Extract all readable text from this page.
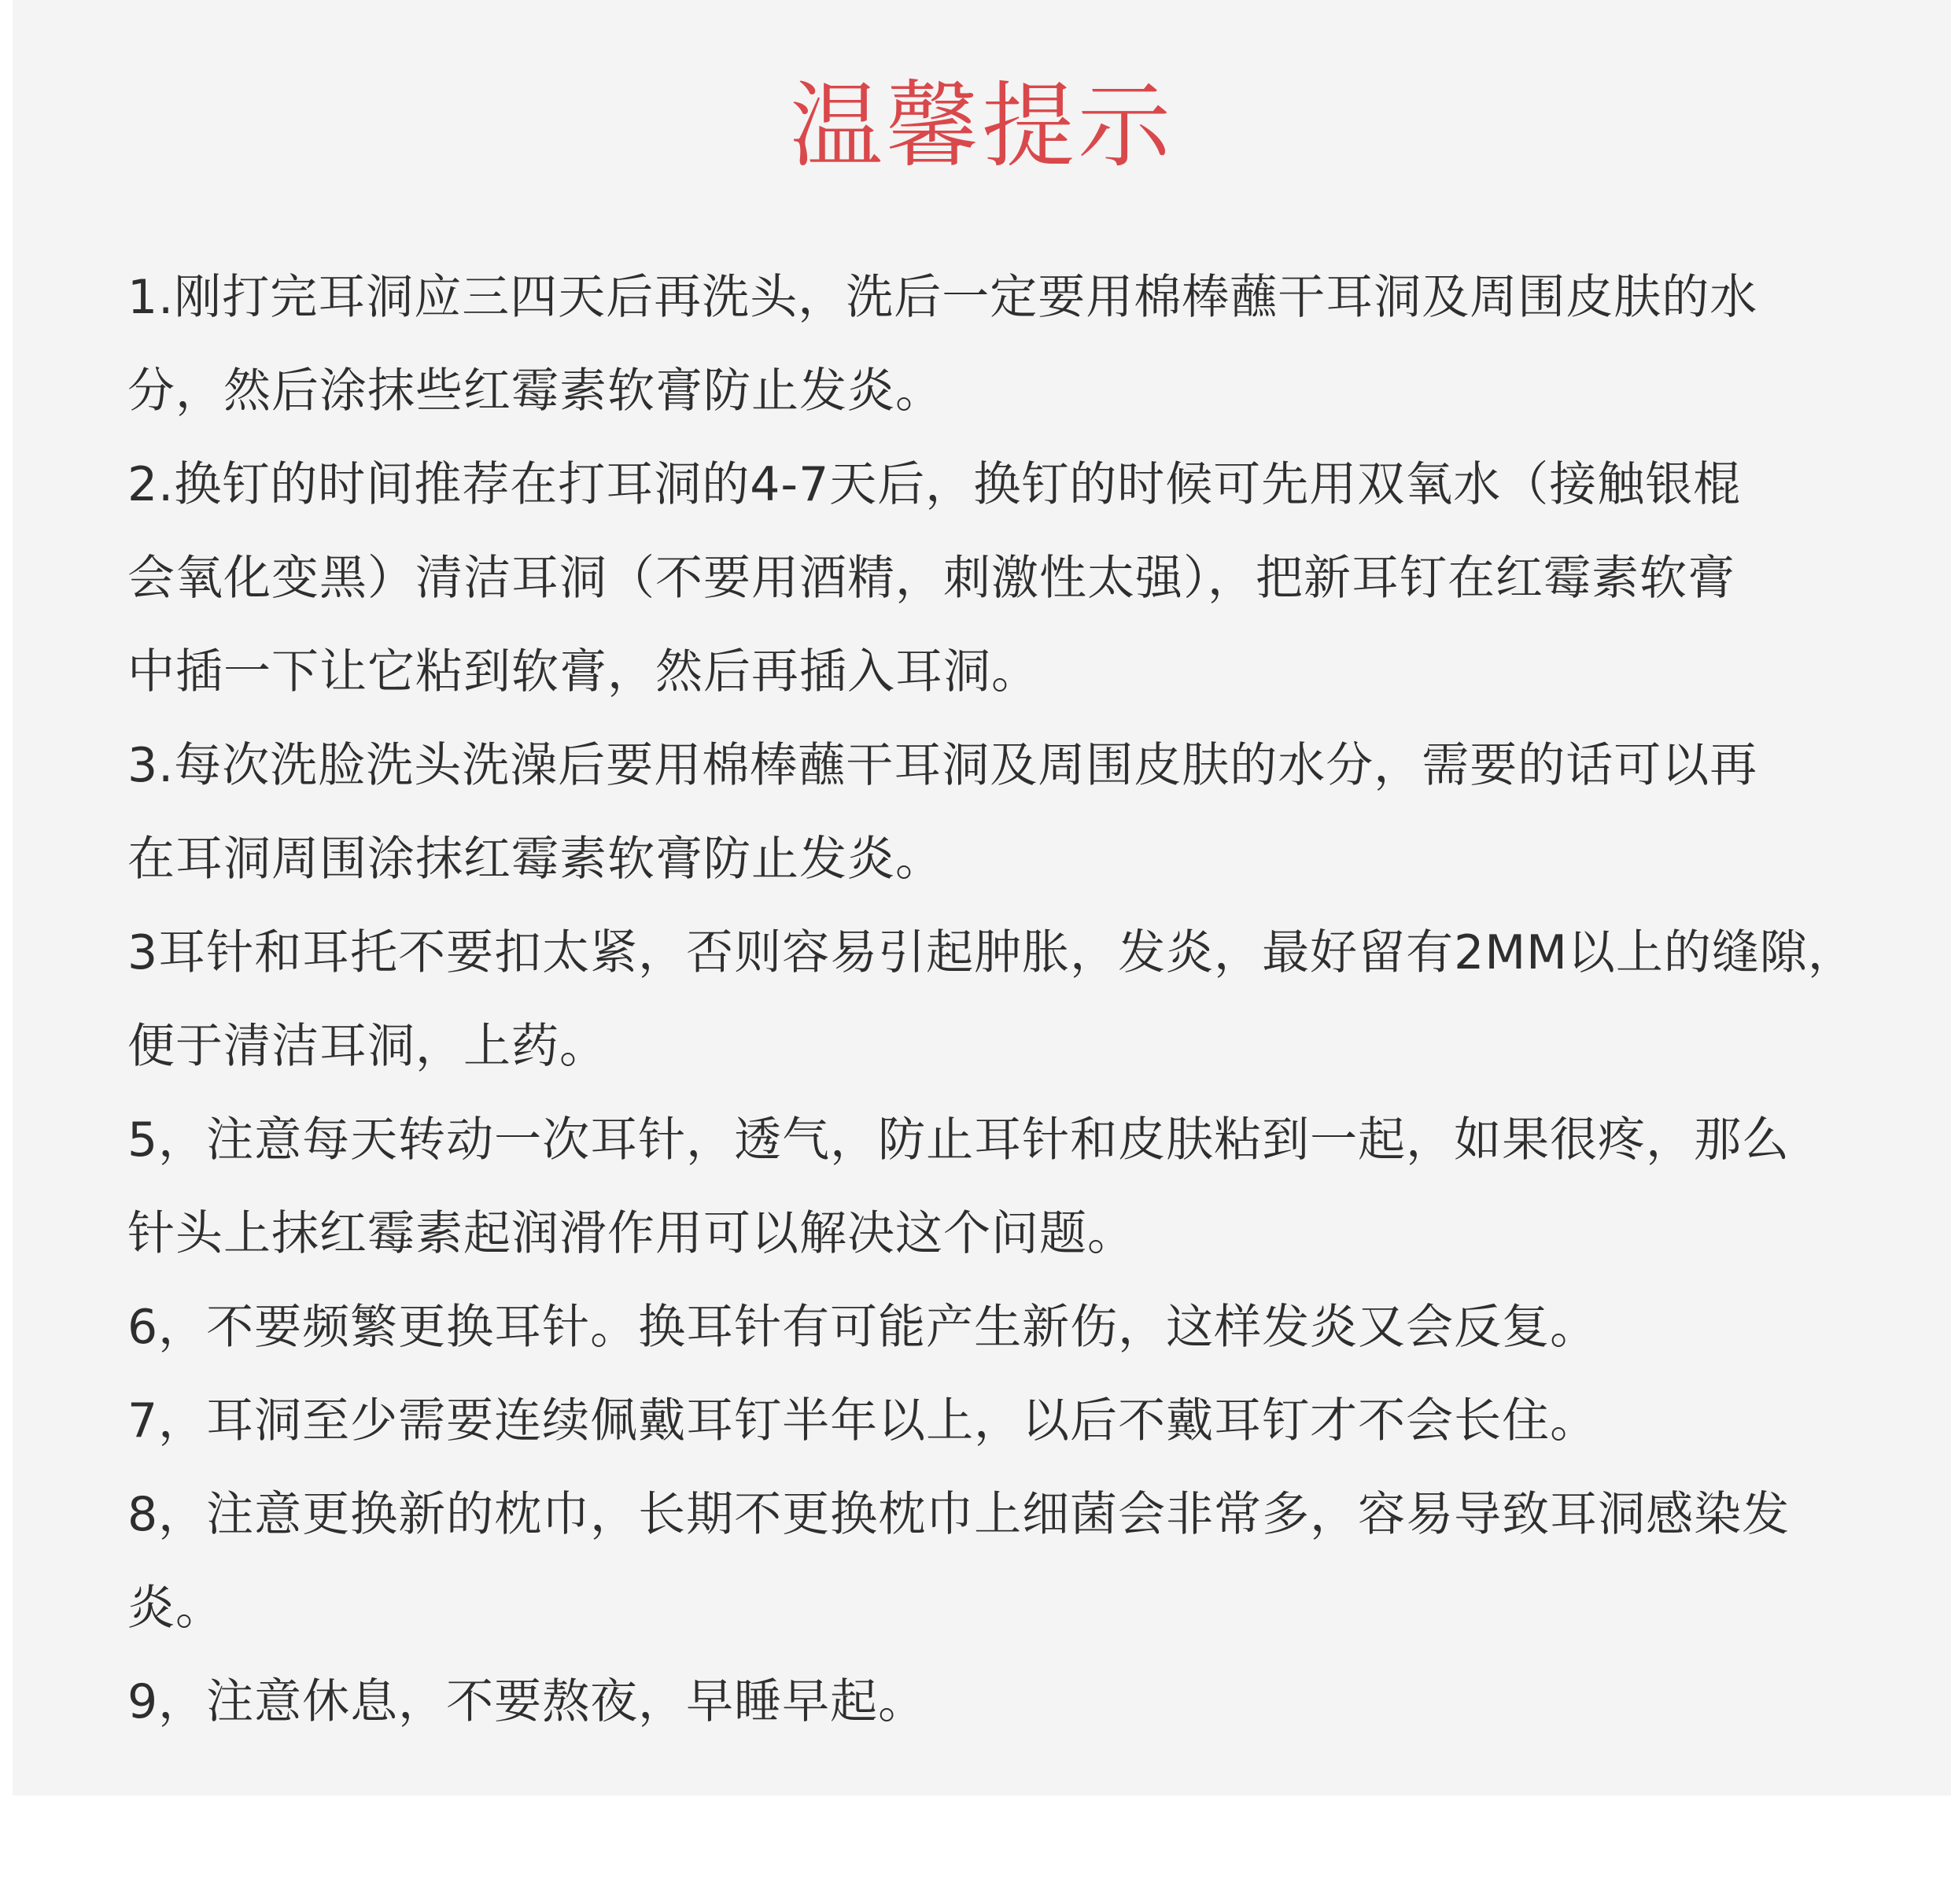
温馨提示
1.刚打完耳洞应三四天后再洗头，洗后一定要用棉棒蘸干耳洞及周围皮肤的水
分，然后涂抹些红霉素软膏防止发炎。
2.换钉的时间推荐在打耳洞的4-7天后，换钉的时候可先用双氧水（接触银棍
会氧化变黑）清洁耳洞（不要用酒精，刺激性太强），把新耳钉在红霉素软膏
中插一下让它粘到软膏，然后再插入耳洞。
3.每次洗脸洗头洗澡后要用棉棒蘸干耳洞及周围皮肤的水分，需要的话可以再
在耳洞周围涂抹红霉素软膏防止发炎。
3耳针和耳托不要扣太紧，否则容易引起肿胀，发炎，最好留有2MM以上的缝隙，
便于清洁耳洞，上药。
5，注意每天转动一次耳针，透气，防止耳针和皮肤粘到一起，如果很疼，那么
针头上抹红霉素起润滑作用可以解决这个问题。
6，不要频繁更换耳针。换耳针有可能产生新伤，这样发炎又会反复。
7，耳洞至少需要连续佩戴耳钉半年以上，以后不戴耳钉才不会长住。
8，注意更换新的枕巾，长期不更换枕巾上细菌会非常多，容易导致耳洞感染发
炎。
9，注意休息，不要熬夜，早睡早起。
